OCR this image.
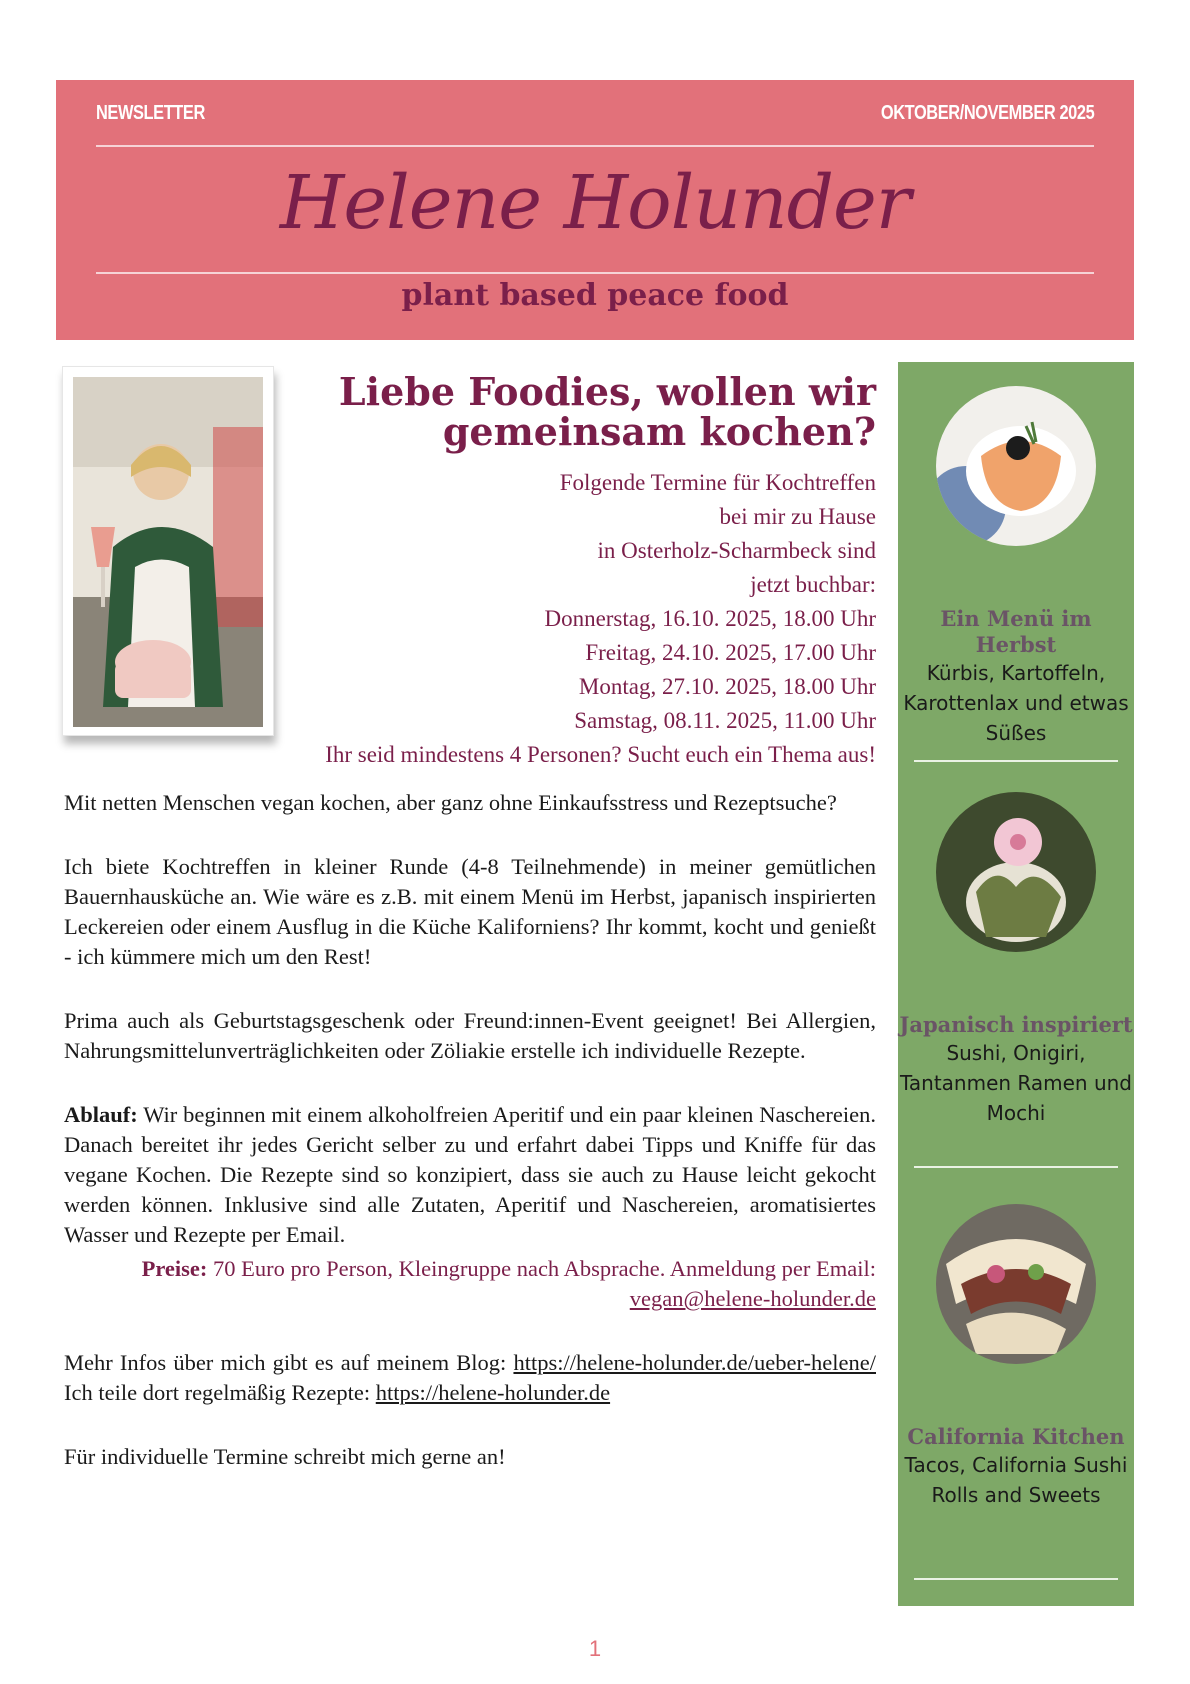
NEWSLETTER	OKTOBER/NOVEMBER 2025
Helene Holunder
plant based peace food
Liebe Foodies, wollen wir
gemeinsam kochen?
Folgende Termine für Kochtreffen
bei mir zu Hause
in Osterholz-Scharmbeck sind
jetzt buchbar:
Donnerstag, 16.10. 2025, 18.00 Uhr
Freitag, 24.10. 2025, 17.00 Uhr
Montag, 27.10. 2025, 18.00 Uhr
Samstag, 08.11. 2025, 11.00 Uhr
Ihr seid mindestens 4 Personen? Sucht euch ein Thema aus!

Mit netten Menschen vegan kochen, aber ganz ohne Einkaufsstress und Rezeptsuche?

Ich biete Kochtreffen in kleiner Runde (4-8 Teilnehmende) in meiner gemütlichen Bauernhausküche an. Wie wäre es z.B. mit einem Menü im Herbst, japanisch inspirierten Leckereien oder einem Ausflug in die Küche Kaliforniens? Ihr kommt, kocht und genießt - ich kümmere mich um den Rest!

Prima auch als Geburtstagsgeschenk oder Freund:innen-Event geeignet! Bei Allergien, Nahrungsmittelunverträglichkeiten oder Zöliakie erstelle ich individuelle Rezepte.

Ablauf: Wir beginnen mit einem alkoholfreien Aperitif und ein paar kleinen Naschereien. Danach bereitet ihr jedes Gericht selber zu und erfahrt dabei Tipps und Kniffe für das vegane Kochen. Die Rezepte sind so konzipiert, dass sie auch zu Hause leicht gekocht werden können. Inklusive sind alle Zutaten, Aperitif und Naschereien, aromatisiertes Wasser und Rezepte per Email.

Preise: 70 Euro pro Person, Kleingruppe nach Absprache. Anmeldung per Email: vegan@helene-holunder.de

Mehr Infos über mich gibt es auf meinem Blog: https://helene-holunder.de/ueber-helene/ Ich teile dort regelmäßig Rezepte: https://helene-holunder.de

Für individuelle Termine schreibt mich gerne an!

Ein Menü im Herbst
Kürbis, Kartoffeln, Karottenlax und etwas Süßes
Japanisch inspiriert
Sushi, Onigiri, Tantanmen Ramen und Mochi
California Kitchen
Tacos, California Sushi Rolls and Sweets
1
